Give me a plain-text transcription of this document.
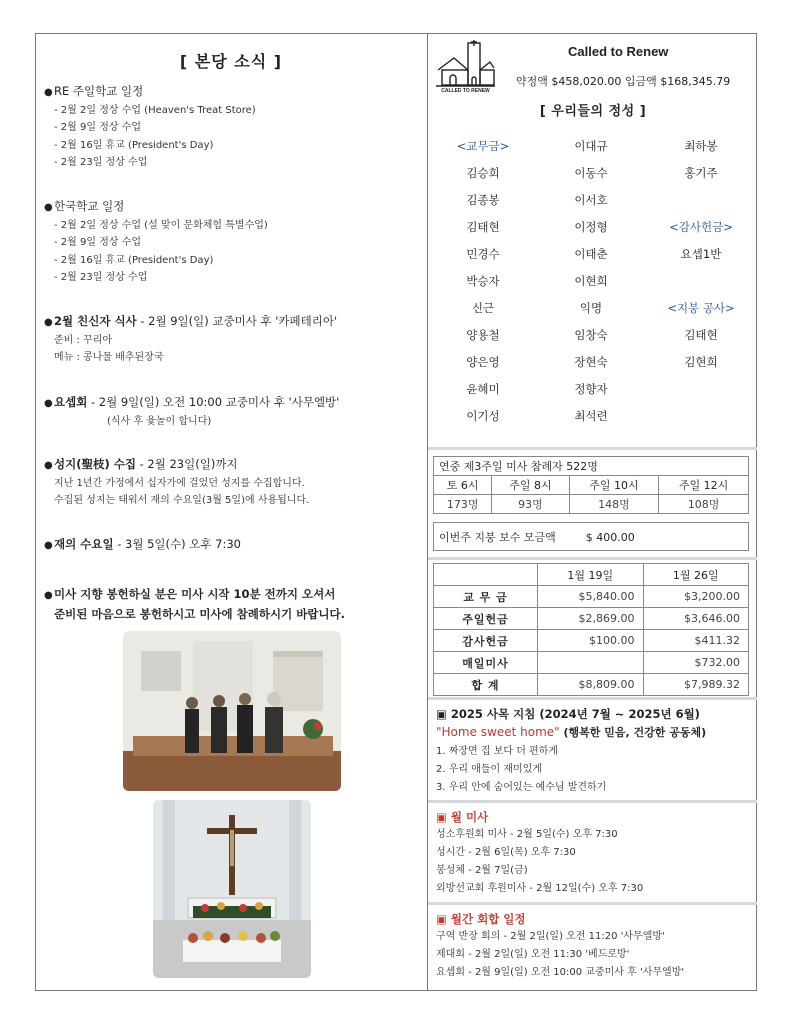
[ 본당 소식 ]
●RE 주일학교 일정
- 2월 2일 정상 수업 (Heaven's Treat Store)
- 2월 9일 정상 수업
- 2월 16일 휴교 (President's Day)
- 2월 23일 정상 수업
●한국학교 일정
- 2월 2일 정상 수업 (설 맞이 문화체험 특별수업)
- 2월 9일 정상 수업
- 2월 16일 휴교 (President's Day)
- 2월 23일 정상 수업
●2월 친신자 식사 - 2월 9일(일) 교중미사 후 '카페테리아'
준비 : 꾸리아
메뉴 : 콩나물 배추된장국
●요셉회 - 2월 9일(일) 오전 10:00 교중미사 후 '사무엘방'
(식사 후 윷놀이 합니다)
●성지(聖枝) 수집 - 2월 23일(일)까지
지난 1년간 가정에서 십자가에 걸었던 성지를 수집합니다.
수집된 성지는 태워서 재의 수요일(3월 5일)에 사용됩니다.
●재의 수요일 - 3월 5일(수) 오후 7:30
●미사 지향 봉헌하실 분은 미사 시작 10분 전까지 오셔서
준비된 마음으로 봉헌하시고 미사에 참례하시기 바랍니다.
CALLED TO RENEW
Called to Renew
약정액 $458,020.00 입금액 $168,345.79
[ 우리들의 정성 ]
<교무금>	이대규	최하봉
김승희	이동수	홍기주
김종봉	이서호
김태현	이정형	<감사헌금>
민경수	이태춘	요셉1반
박승자	이현희
신근	익명	<지붕 공사>
양용철	임창숙	김태현
양은영	장현숙	김현희
윤혜미	정향자
이기성	최석련
연중 제3주일 미사 참례자 522명			
토 6시	주일 8시	주일 10시	주일 12시
173명	93명	148명	108명
이번주 지붕 보수 모금액	$ 400.00
	1월 19일	1월 26일
교 무 금	$5,840.00	$3,200.00
주일헌금	$2,869.00	$3,646.00
감사헌금	$100.00	$411.32
매일미사		$732.00
합 계	$8,809.00	$7,989.32
▣ 2025 사목 지침 (2024년 7월 ~ 2025년 6월)
"Home sweet home" (행복한 믿음, 건강한 공동체)
1. 짜장면 집 보다 더 편하게
2. 우리 애들이 재미있게
3. 우리 안에 숨어있는 예수님 발견하기
▣ 월 미사
성소후원회 미사 - 2월 5일(수) 오후 7:30
성시간 - 2월 6일(목) 오후 7:30
봉성체 - 2월 7일(금)
외방선교회 후원미사 - 2월 12일(수) 오후 7:30
▣ 월간 회합 일정
구역 반장 회의 - 2월 2일(일) 오전 11:20 '사무엘방'
제대회 - 2월 2일(일) 오전 11:30 '베드로방'
요셉회 - 2월 9일(일) 오전 10:00 교중미사 후 '사무엘방'
